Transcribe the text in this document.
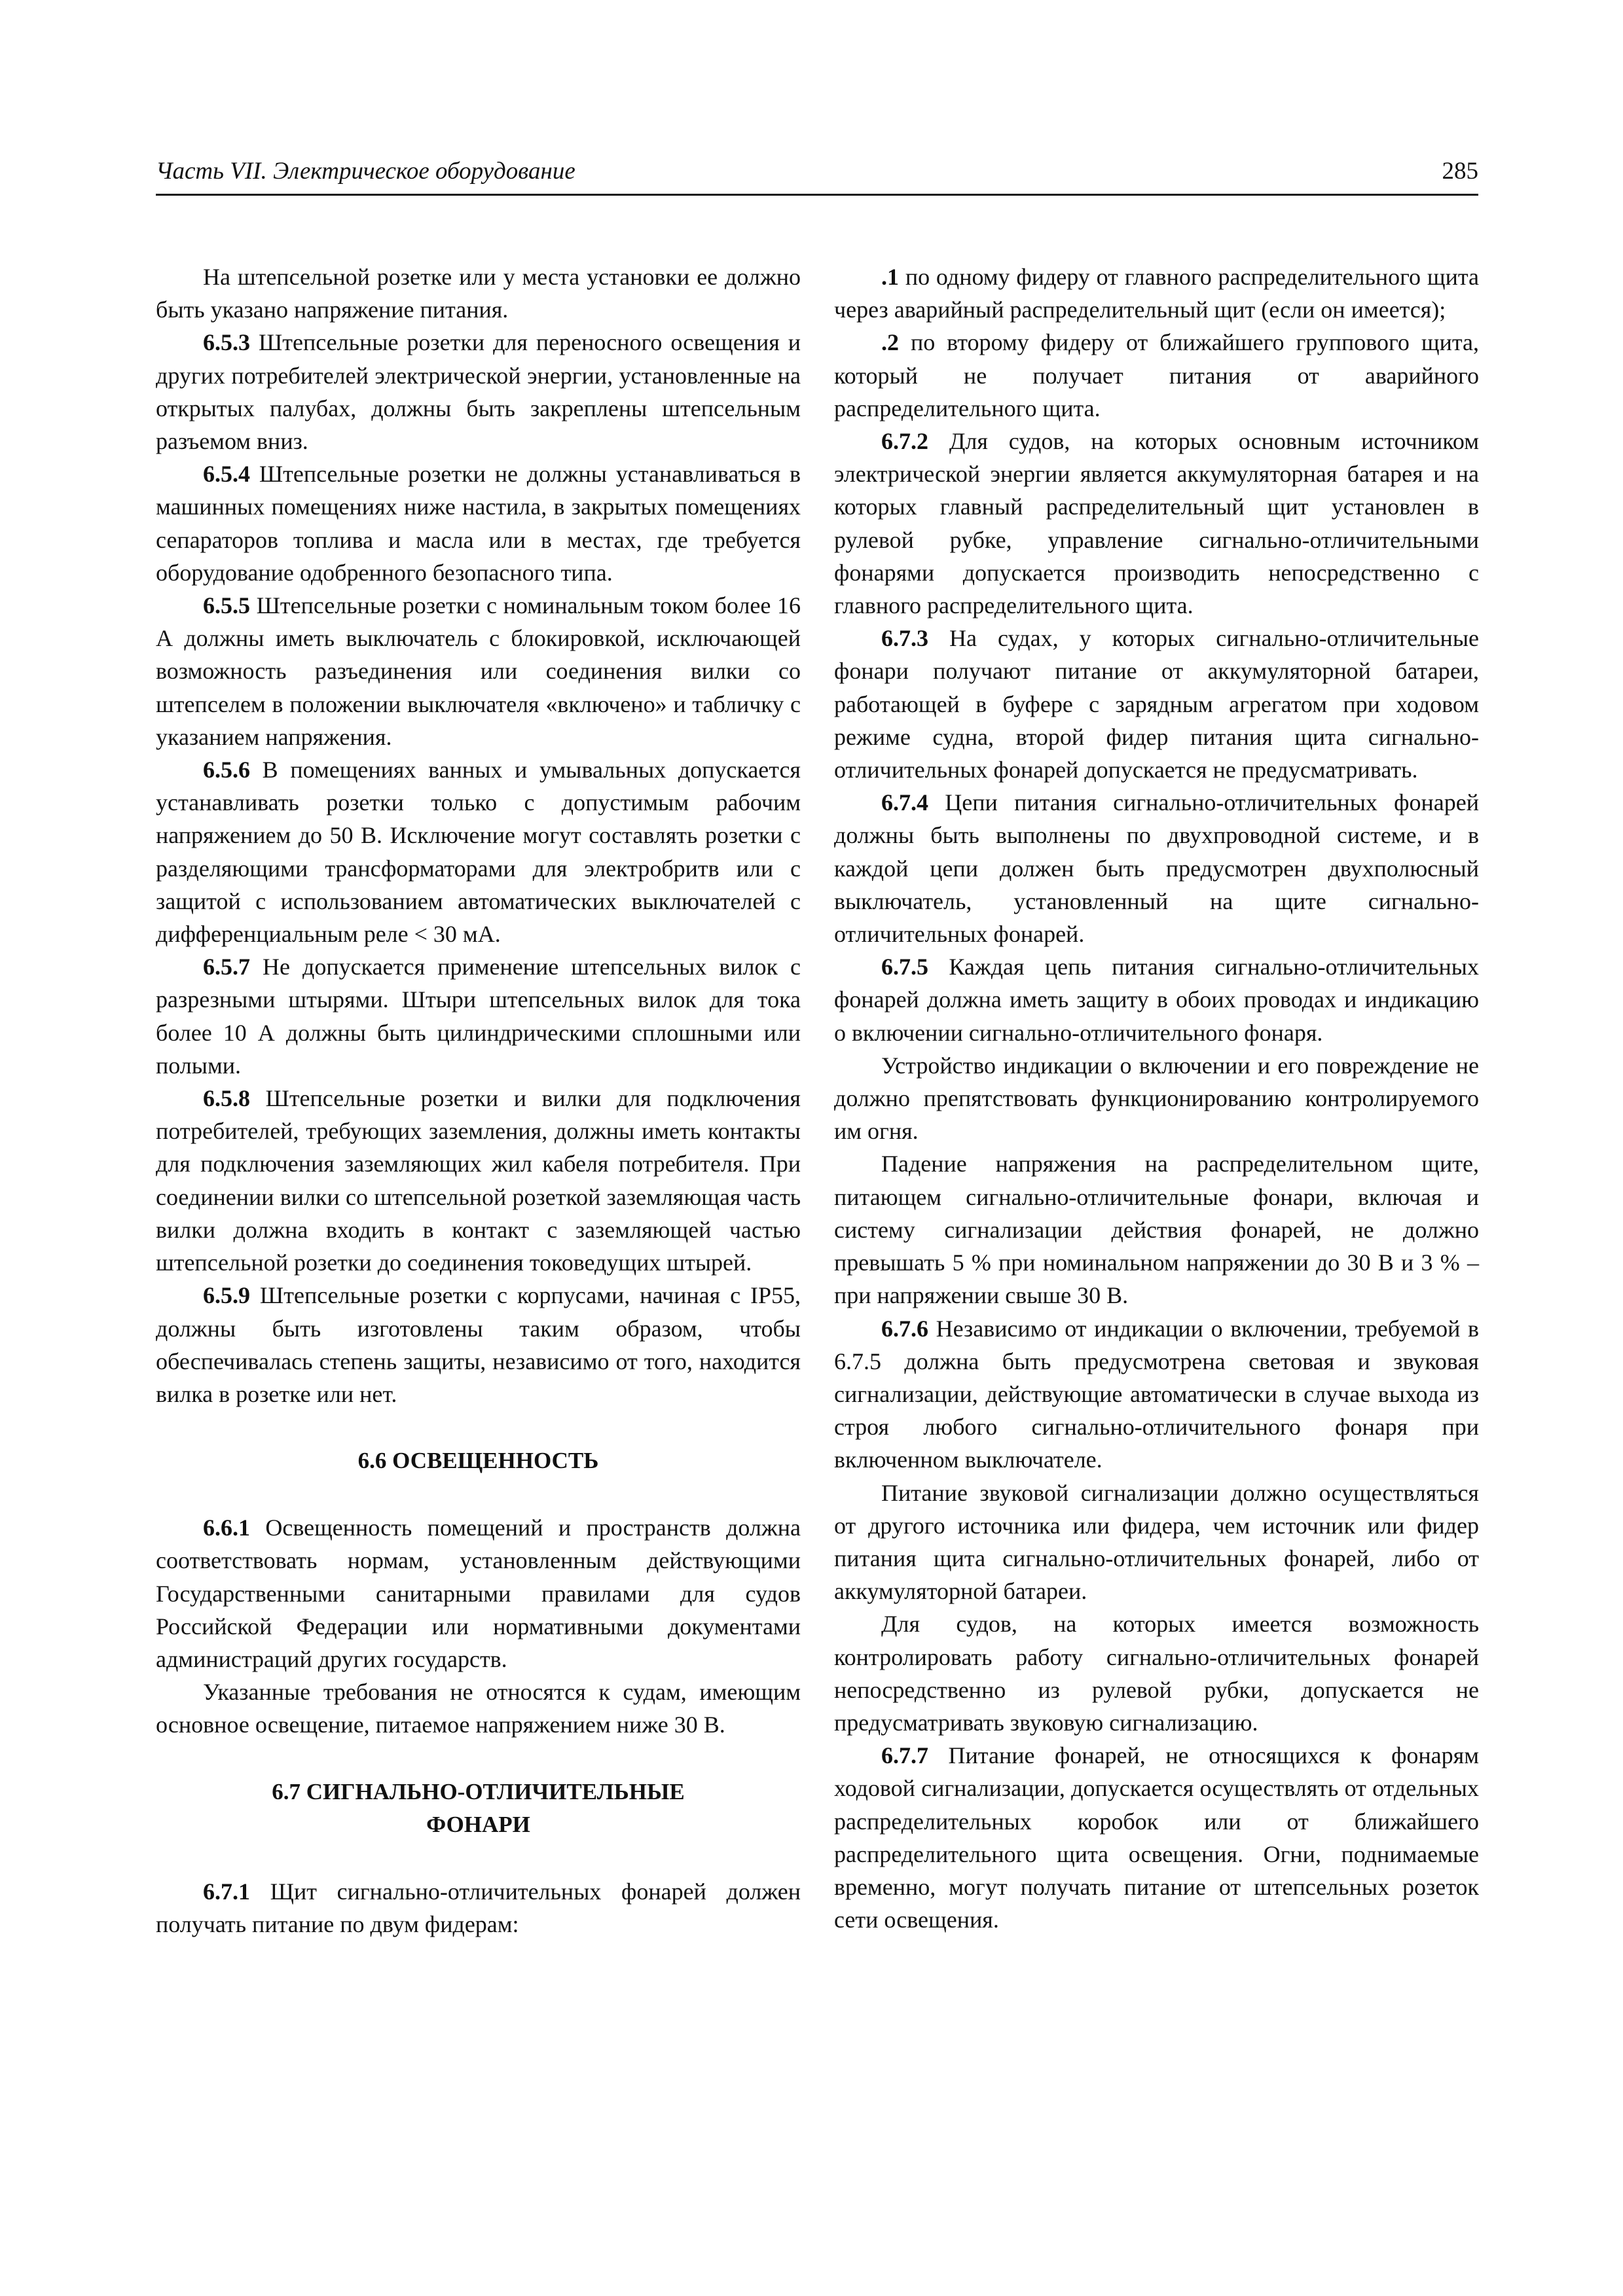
Часть VII. Электрическое оборудование	285

На штепсельной розетке или у места установки ее должно быть указано напряжение питания.

6.5.3 Штепсельные розетки для переносного освещения и других потребителей электрической энергии, установленные на открытых палубах, должны быть закреплены штепсельным разъемом вниз.

6.5.4 Штепсельные розетки не должны устанавливаться в машинных помещениях ниже настила, в закрытых помещениях сепараторов топлива и масла или в местах, где требуется оборудование одобренного безопасного типа.

6.5.5 Штепсельные розетки с номинальным током более 16 А должны иметь выключатель с блокировкой, исключающей возможность разъединения или соединения вилки со штепселем в положении выключателя «включено» и табличку с указанием напряжения.

6.5.6 В помещениях ванных и умывальных допускается устанавливать розетки только с допустимым рабочим напряжением до 50 В. Исключение могут составлять розетки с разделяющими трансформаторами для электробритв или с защитой с использованием автоматических выключателей с дифференциальным реле < 30 мА.

6.5.7 Не допускается применение штепсельных вилок с разрезными штырями. Штыри штепсельных вилок для тока более 10 А должны быть цилиндрическими сплошными или полыми.

6.5.8 Штепсельные розетки и вилки для подключения потребителей, требующих заземления, должны иметь контакты для подключения заземляющих жил кабеля потребителя. При соединении вилки со штепсельной розеткой заземляющая часть вилки должна входить в контакт с заземляющей частью штепсельной розетки до соединения токоведущих штырей.

6.5.9 Штепсельные розетки с корпусами, начиная с IP55, должны быть изготовлены таким образом, чтобы обеспечивалась степень защиты, независимо от того, находится вилка в розетке или нет.

6.6 ОСВЕЩЕННОСТЬ

6.6.1 Освещенность помещений и пространств должна соответствовать нормам, установленным действующими Государственными санитарными правилами для судов Российской Федерации или нормативными документами администраций других государств.

Указанные требования не относятся к судам, имеющим основное освещение, питаемое напряжением ниже 30 В.

6.7 СИГНАЛЬНО-ОТЛИЧИТЕЛЬНЫЕ
ФОНАРИ

6.7.1 Щит сигнально-отличительных фонарей должен получать питание по двум фидерам:

.1 по одному фидеру от главного распределительного щита через аварийный распределительный щит (если он имеется);

.2 по второму фидеру от ближайшего группового щита, который не получает питания от аварийного распределительного щита.

6.7.2 Для судов, на которых основным источником электрической энергии является аккумуляторная батарея и на которых главный распределительный щит установлен в рулевой рубке, управление сигнально-отличительными фонарями допускается производить непосредственно с главного распределительного щита.

6.7.3 На судах, у которых сигнально-отличительные фонари получают питание от аккумуляторной батареи, работающей в буфере с зарядным агрегатом при ходовом режиме судна, второй фидер питания щита сигнально-отличительных фонарей допускается не предусматривать.

6.7.4 Цепи питания сигнально-отличительных фонарей должны быть выполнены по двухпроводной системе, и в каждой цепи должен быть предусмотрен двухполюсный выключатель, установленный на щите сигнально-отличительных фонарей.

6.7.5 Каждая цепь питания сигнально-отличительных фонарей должна иметь защиту в обоих проводах и индикацию о включении сигнально-отличительного фонаря.

Устройство индикации о включении и его повреждение не должно препятствовать функционированию контролируемого им огня.

Падение напряжения на распределительном щите, питающем сигнально-отличительные фонари, включая и систему сигнализации действия фонарей, не должно превышать 5 % при номинальном напряжении до 30 В и 3 % – при напряжении свыше 30 В.

6.7.6 Независимо от индикации о включении, требуемой в 6.7.5 должна быть предусмотрена световая и звуковая сигнализации, действующие автоматически в случае выхода из строя любого сигнально-отличительного фонаря при включенном выключателе.

Питание звуковой сигнализации должно осуществляться от другого источника или фидера, чем источник или фидер питания щита сигнально-отличительных фонарей, либо от аккумуляторной батареи.

Для судов, на которых имеется возможность контролировать работу сигнально-отличительных фонарей непосредственно из рулевой рубки, допускается не предусматривать звуковую сигнализацию.

6.7.7 Питание фонарей, не относящихся к фонарям ходовой сигнализации, допускается осуществлять от отдельных распределительных коробок или от ближайшего распределительного щита освещения. Огни, поднимаемые временно, могут получать питание от штепсельных розеток сети освещения.
